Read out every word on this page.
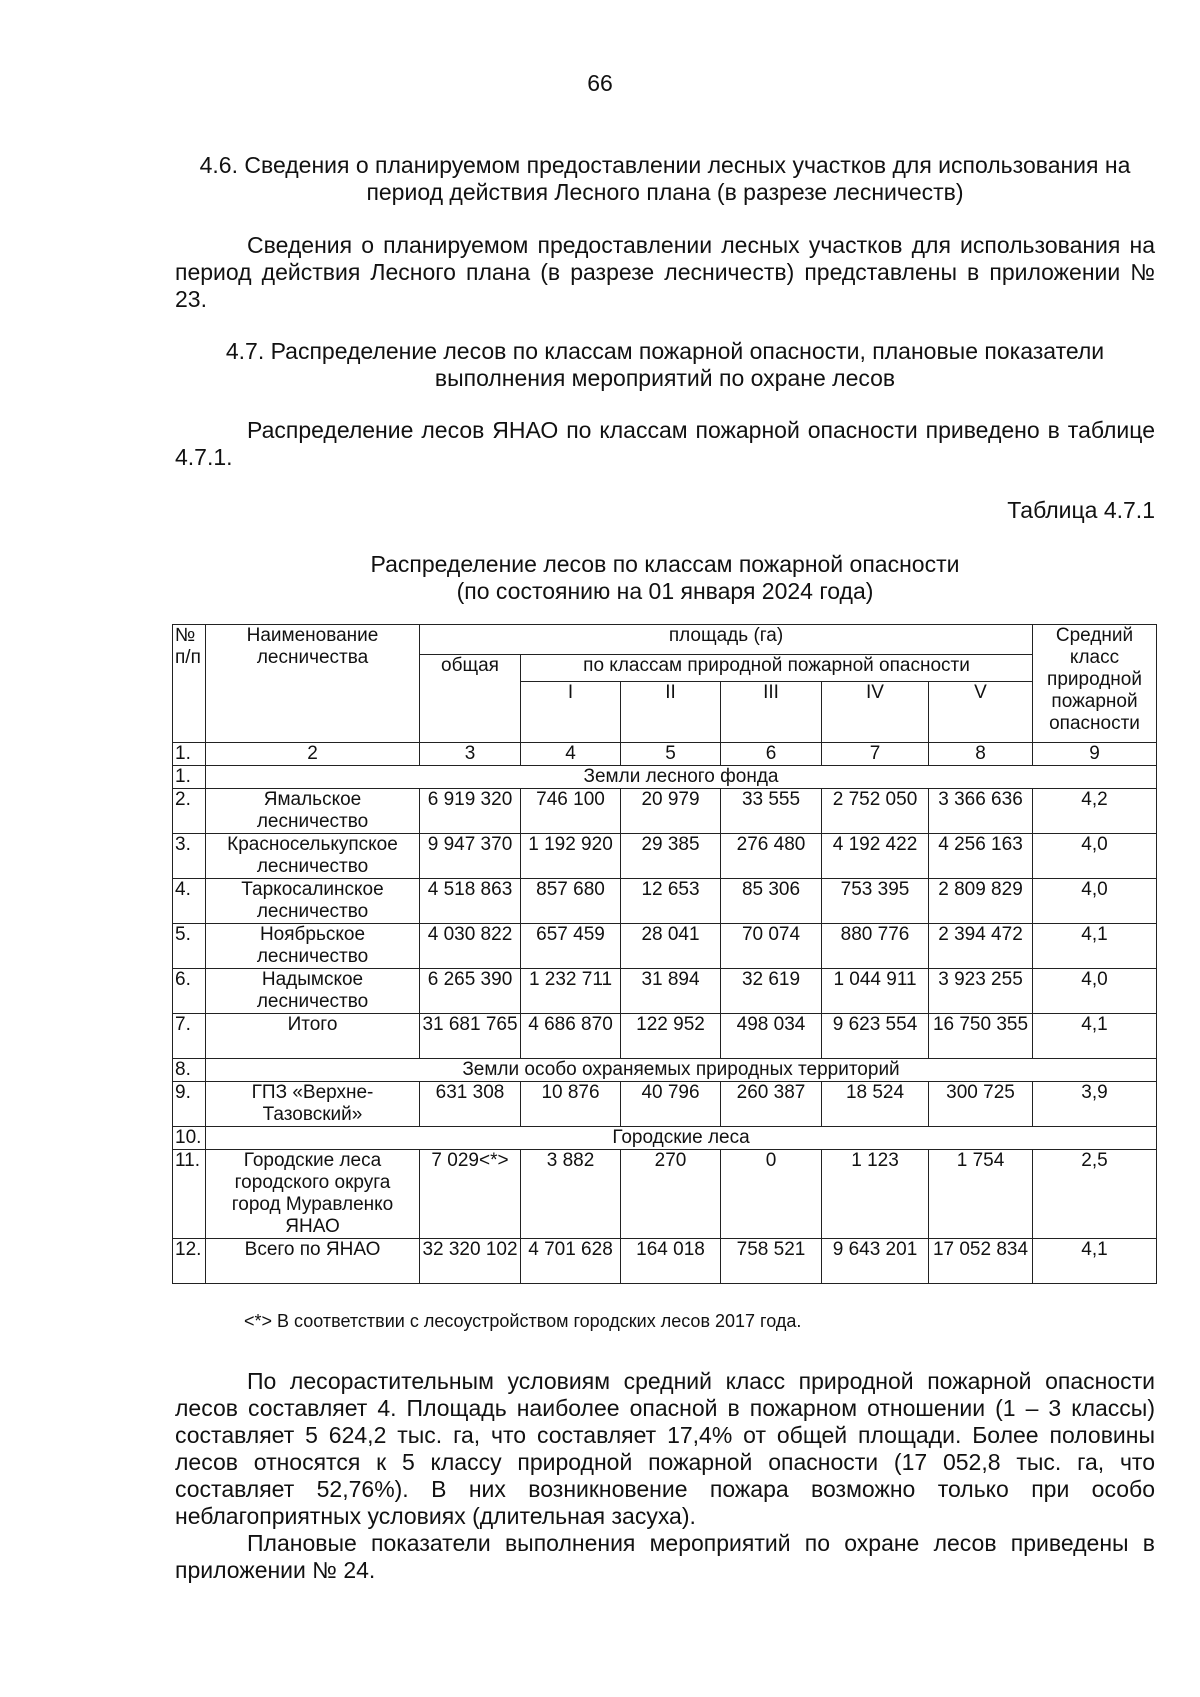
66
4.6. Сведения о планируемом предоставлении лесных участков для использования на период действия Лесного плана (в разрезе лесничеств)
Сведения о планируемом предоставлении лесных участков для использования на период действия Лесного плана (в разрезе лесничеств) представлены в приложении № 23.
4.7. Распределение лесов по классам пожарной опасности, плановые показатели выполнения мероприятий по охране лесов
Распределение лесов ЯНАО по классам пожарной опасности приведено в таблице 4.7.1.
Таблица 4.7.1
Распределение лесов по классам пожарной опасности
(по состоянию на 01 января 2024 года)
№ п/п	Наименование лесничества	площадь (га)						Средний класс природной пожарной опасности
		общая	по классам природной пожарной опасности					
			I	II	III	IV	V	
1.	2	3	4	5	6	7	8	9
1.	Земли лесного фонда							
2.	Ямальское лесничество	6 919 320	746 100	20 979	33 555	2 752 050	3 366 636	4,2
3.	Красноселькупское лесничество	9 947 370	1 192 920	29 385	276 480	4 192 422	4 256 163	4,0
4.	Таркосалинское лесничество	4 518 863	857 680	12 653	85 306	753 395	2 809 829	4,0
5.	Ноябрьское лесничество	4 030 822	657 459	28 041	70 074	880 776	2 394 472	4,1
6.	Надымское лесничество	6 265 390	1 232 711	31 894	32 619	1 044 911	3 923 255	4,0
7.	Итого	31 681 765	4 686 870	122 952	498 034	9 623 554	16 750 355	4,1
8.	Земли особо охраняемых природных территорий							
9.	ГПЗ «Верхне-Тазовский»	631 308	10 876	40 796	260 387	18 524	300 725	3,9
10.	Городские леса							
11.	Городские леса городского округа город Муравленко ЯНАО	7 029<*>	3 882	270	0	1 123	1 754	2,5
12.	Всего по ЯНАО	32 320 102	4 701 628	164 018	758 521	9 643 201	17 052 834	4,1
<*> В соответствии с лесоустройством городских лесов 2017 года.
По лесорастительным условиям средний класс природной пожарной опасности лесов составляет 4. Площадь наиболее опасной в пожарном отношении (1 – 3 классы) составляет 5 624,2 тыс. га, что составляет 17,4% от общей площади. Более половины лесов относятся к 5 классу природной пожарной опасности (17 052,8 тыс. га, что составляет 52,76%). В них возникновение пожара возможно только при особо неблагоприятных условиях (длительная засуха).
Плановые показатели выполнения мероприятий по охране лесов приведены в приложении № 24.
